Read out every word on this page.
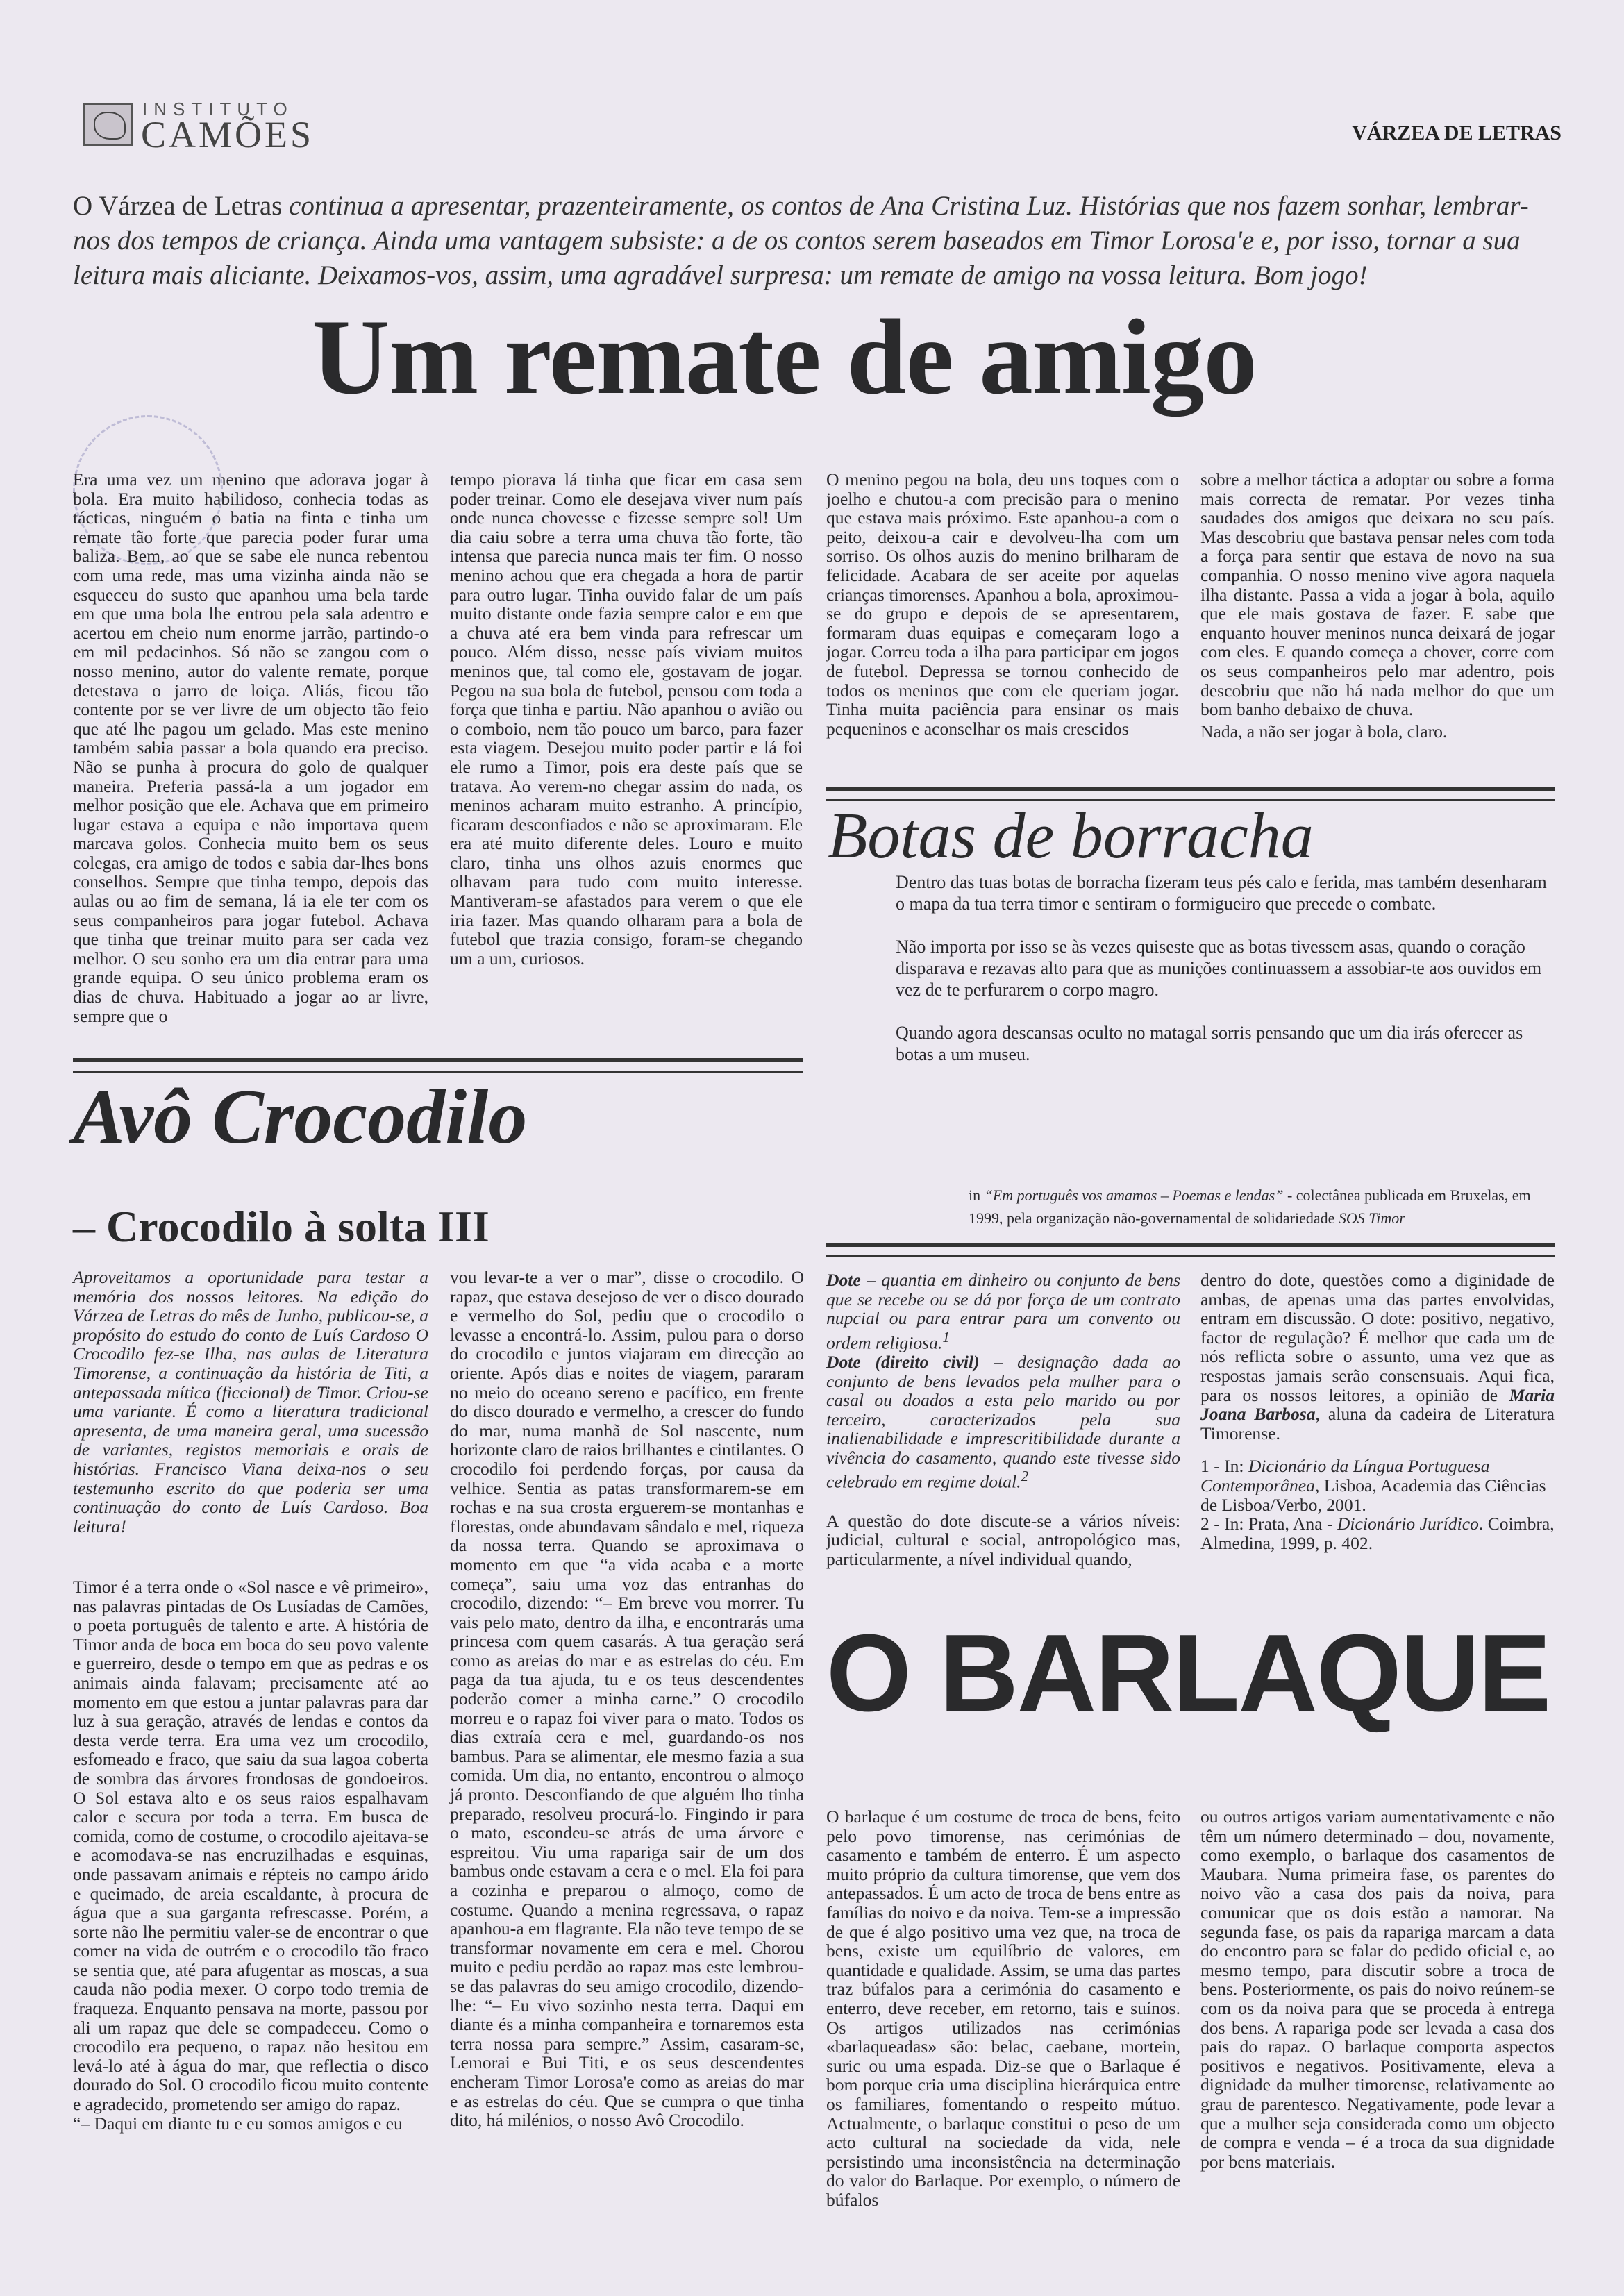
INSTITUTO
CAMÕES	VÁRZEA DE LETRAS
O Várzea de Letras continua a apresentar, prazenteiramente, os contos de Ana Cristina Luz. Histórias que nos fazem sonhar, lembrar-nos dos tempos de criança. Ainda uma vantagem subsiste: a de os contos serem baseados em Timor Lorosa'e e, por isso, tornar a sua leitura mais aliciante. Deixamos-vos, assim, uma agradável surpresa: um remate de amigo na vossa leitura. Bom jogo!
Um remate de amigo

Era uma vez um menino que adorava jogar à bola. Era muito habilidoso, conhecia todas as tácticas, ninguém o batia na finta e tinha um remate tão forte que parecia poder furar uma baliza. Bem, ao que se sabe ele nunca rebentou com uma rede, mas uma vizinha ainda não se esqueceu do susto que apanhou uma bela tarde em que uma bola lhe entrou pela sala adentro e acertou em cheio num enorme jarrão, partindo-o em mil pedacinhos. Só não se zangou com o nosso menino, autor do valente remate, porque detestava o jarro de loiça. Aliás, ficou tão contente por se ver livre de um objecto tão feio que até lhe pagou um gelado. Mas este menino também sabia passar a bola quando era preciso. Não se punha à procura do golo de qualquer maneira. Preferia passá-la a um jogador em melhor posição que ele. Achava que em primeiro lugar estava a equipa e não importava quem marcava golos. Conhecia muito bem os seus colegas, era amigo de todos e sabia dar-lhes bons conselhos. Sempre que tinha tempo, depois das aulas ou ao fim de semana, lá ia ele ter com os seus companheiros para jogar futebol. Achava que tinha que treinar muito para ser cada vez melhor. O seu sonho era um dia entrar para uma grande equipa. O seu único problema eram os dias de chuva. Habituado a jogar ao ar livre, sempre que o

tempo piorava lá tinha que ficar em casa sem poder treinar. Como ele desejava viver num país onde nunca chovesse e fizesse sempre sol! Um dia caiu sobre a terra uma chuva tão forte, tão intensa que parecia nunca mais ter fim. O nosso menino achou que era chegada a hora de partir para outro lugar. Tinha ouvido falar de um país muito distante onde fazia sempre calor e em que a chuva até era bem vinda para refrescar um pouco. Além disso, nesse país viviam muitos meninos que, tal como ele, gostavam de jogar. Pegou na sua bola de futebol, pensou com toda a força que tinha e partiu. Não apanhou o avião ou o comboio, nem tão pouco um barco, para fazer esta viagem. Desejou muito poder partir e lá foi ele rumo a Timor, pois era deste país que se tratava. Ao verem-no chegar assim do nada, os meninos acharam muito estranho. A princípio, ficaram desconfiados e não se aproximaram. Ele era até muito diferente deles. Louro e muito claro, tinha uns olhos azuis enormes que olhavam para tudo com muito interesse. Mantiveram-se afastados para verem o que ele iria fazer. Mas quando olharam para a bola de futebol que trazia consigo, foram-se chegando um a um, curiosos.

O menino pegou na bola, deu uns toques com o joelho e chutou-a com precisão para o menino que estava mais próximo. Este apanhou-a com o peito, deixou-a cair e devolveu-lha com um sorriso. Os olhos auzis do menino brilharam de felicidade. Acabara de ser aceite por aquelas crianças timorenses. Apanhou a bola, aproximou-se do grupo e depois de se apresentarem, formaram duas equipas e começaram logo a jogar. Correu toda a ilha para participar em jogos de futebol. Depressa se tornou conhecido de todos os meninos que com ele queriam jogar. Tinha muita paciência para ensinar os mais pequeninos e aconselhar os mais crescidos

sobre a melhor táctica a adoptar ou sobre a forma mais correcta de rematar. Por vezes tinha saudades dos amigos que deixara no seu país. Mas descobriu que bastava pensar neles com toda a força para sentir que estava de novo na sua companhia. O nosso menino vive agora naquela ilha distante. Passa a vida a jogar à bola, aquilo que ele mais gostava de fazer. E sabe que enquanto houver meninos nunca deixará de jogar com eles. E quando começa a chover, corre com os seus companheiros pelo mar adentro, pois descobriu que não há nada melhor do que um bom banho debaixo de chuva.

Nada, a não ser jogar à bola, claro.

Botas de borracha

Dentro das tuas botas de borracha fizeram teus pés calo e ferida, mas também desenharam o mapa da tua terra timor e sentiram o formigueiro que precede o combate.

Não importa por isso se às vezes quiseste que as botas tivessem asas, quando o coração disparava e rezavas alto para que as munições continuassem a assobiar-te aos ouvidos em vez de te perfurarem o corpo magro.

Quando agora descansas oculto no matagal sorris pensando que um dia irás oferecer as botas a um museu.

in “Em português vos amamos – Poemas e lendas” - colectânea publicada em Bruxelas, em 1999, pela organização não-governamental de solidariedade SOS Timor
Avô Crocodilo
– Crocodilo à solta III
Aproveitamos a oportunidade para testar a memória dos nossos leitores. Na edição do Várzea de Letras do mês de Junho, publicou-se, a propósito do estudo do conto de Luís Cardoso O Crocodilo fez-se Ilha, nas aulas de Literatura Timorense, a continuação da história de Titi, a antepassada mítica (ficcional) de Timor. Criou-se uma variante. É como a literatura tradicional apresenta, de uma maneira geral, uma sucessão de variantes, registos memoriais e orais de histórias. Francisco Viana deixa-nos o seu testemunho escrito do que poderia ser uma continuação do conto de Luís Cardoso. Boa leitura!

Timor é a terra onde o «Sol nasce e vê primeiro», nas palavras pintadas de Os Lusíadas de Camões, o poeta português de talento e arte. A história de Timor anda de boca em boca do seu povo valente e guerreiro, desde o tempo em que as pedras e os animais ainda falavam; precisamente até ao momento em que estou a juntar palavras para dar luz à sua geração, através de lendas e contos da desta verde terra. Era uma vez um crocodilo, esfomeado e fraco, que saiu da sua lagoa coberta de sombra das árvores frondosas de gondoeiros. O Sol estava alto e os seus raios espalhavam calor e secura por toda a terra. Em busca de comida, como de costume, o crocodilo ajeitava-se e acomodava-se nas encruzilhadas e esquinas, onde passavam animais e répteis no campo árido e queimado, de areia escaldante, à procura de água que a sua garganta refrescasse. Porém, a sorte não lhe permitiu valer-se de encontrar o que comer na vida de outrém e o crocodilo tão fraco se sentia que, até para afugentar as moscas, a sua cauda não podia mexer. O corpo todo tremia de fraqueza. Enquanto pensava na morte, passou por ali um rapaz que dele se compadeceu. Como o crocodilo era pequeno, o rapaz não hesitou em levá-lo até à água do mar, que reflectia o disco dourado do Sol. O crocodilo ficou muito contente e agradecido, prometendo ser amigo do rapaz.

“– Daqui em diante tu e eu somos amigos e eu

vou levar-te a ver o mar”, disse o crocodilo. O rapaz, que estava desejoso de ver o disco dourado e vermelho do Sol, pediu que o crocodilo o levasse a encontrá-lo. Assim, pulou para o dorso do crocodilo e juntos viajaram em direcção ao oriente. Após dias e noites de viagem, pararam no meio do oceano sereno e pacífico, em frente do disco dourado e vermelho, a crescer do fundo do mar, numa manhã de Sol nascente, num horizonte claro de raios brilhantes e cintilantes. O crocodilo foi perdendo forças, por causa da velhice. Sentia as patas transformarem-se em rochas e na sua crosta erguerem-se montanhas e florestas, onde abundavam sândalo e mel, riqueza da nossa terra. Quando se aproximava o momento em que “a vida acaba e a morte começa”, saiu uma voz das entranhas do crocodilo, dizendo: “– Em breve vou morrer. Tu vais pelo mato, dentro da ilha, e encontrarás uma princesa com quem casarás. A tua geração será como as areias do mar e as estrelas do céu. Em paga da tua ajuda, tu e os teus descendentes poderão comer a minha carne.” O crocodilo morreu e o rapaz foi viver para o mato. Todos os dias extraía cera e mel, guardando-os nos bambus. Para se alimentar, ele mesmo fazia a sua comida. Um dia, no entanto, encontrou o almoço já pronto. Desconfiando de que alguém lho tinha preparado, resolveu procurá-lo. Fingindo ir para o mato, escondeu-se atrás de uma árvore e espreitou. Viu uma rapariga sair de um dos bambus onde estavam a cera e o mel. Ela foi para a cozinha e preparou o almoço, como de costume. Quando a menina regressava, o rapaz apanhou-a em flagrante. Ela não teve tempo de se transformar novamente em cera e mel. Chorou muito e pediu perdão ao rapaz mas este lembrou-se das palavras do seu amigo crocodilo, dizendo-lhe: “– Eu vivo sozinho nesta terra. Daqui em diante és a minha companheira e tornaremos esta terra nossa para sempre.” Assim, casaram-se, Lemorai e Bui Titi, e os seus descendentes encheram Timor Lorosa'e como as areias do mar e as estrelas do céu. Que se cumpra o que tinha dito, há milénios, o nosso Avô Crocodilo.

Dote – quantia em dinheiro ou conjunto de bens que se recebe ou se dá por força de um contrato nupcial ou para entrar para um convento ou ordem religiosa.$^1$

Dote (direito civil) – designação dada ao conjunto de bens levados pela mulher para o casal ou doados a esta pelo marido ou por terceiro, caracterizados pela sua inalienabilidade e imprescritibilidade durante a vivência do casamento, quando este tivesse sido celebrado em regime dotal.$^2$

A questão do dote discute-se a vários níveis: judicial, cultural e social, antropológico mas, particularmente, a nível individual quando,

dentro do dote, questões como a diginidade de ambas, de apenas uma das partes envolvidas, entram em discussão. O dote: positivo, negativo, factor de regulação? É melhor que cada um de nós reflicta sobre o assunto, uma vez que as respostas jamais serão consensuais. Aqui fica, para os nossos leitores, a opinião de Maria Joana Barbosa, aluna da cadeira de Literatura Timorense.

1 - In: Dicionário da Língua Portuguesa Contemporânea, Lisboa, Academia das Ciências de Lisboa/Verbo, 2001.

2 - In: Prata, Ana - Dicionário Jurídico. Coimbra, Almedina, 1999, p. 402.

O BARLAQUE

O barlaque é um costume de troca de bens, feito pelo povo timorense, nas cerimónias de casamento e também de enterro. É um aspecto muito próprio da cultura timorense, que vem dos antepassados. É um acto de troca de bens entre as famílias do noivo e da noiva. Tem-se a impressão de que é algo positivo uma vez que, na troca de bens, existe um equilíbrio de valores, em quantidade e qualidade. Assim, se uma das partes traz búfalos para a cerimónia do casamento e enterro, deve receber, em retorno, tais e suínos. Os artigos utilizados nas cerimónias «barlaqueadas» são: belac, caebane, mortein, suric ou uma espada. Diz-se que o Barlaque é bom porque cria uma disciplina hierárquica entre os familiares, fomentando o respeito mútuo. Actualmente, o barlaque constitui o peso de um acto cultural na sociedade da vida, nele persistindo uma inconsistência na determinação do valor do Barlaque. Por exemplo, o número de búfalos

ou outros artigos variam aumentativamente e não têm um número determinado – dou, novamente, como exemplo, o barlaque dos casamentos de Maubara. Numa primeira fase, os parentes do noivo vão a casa dos pais da noiva, para comunicar que os dois estão a namorar. Na segunda fase, os pais da rapariga marcam a data do encontro para se falar do pedido oficial e, ao mesmo tempo, para discutir sobre a troca de bens. Posteriormente, os pais do noivo reúnem-se com os da noiva para que se proceda à entrega dos bens. A rapariga pode ser levada a casa dos pais do rapaz. O barlaque comporta aspectos positivos e negativos. Positivamente, eleva a dignidade da mulher timorense, relativamente ao grau de parentesco. Negativamente, pode levar a que a mulher seja considerada como um objecto de compra e venda – é a troca da sua dignidade por bens materiais.
